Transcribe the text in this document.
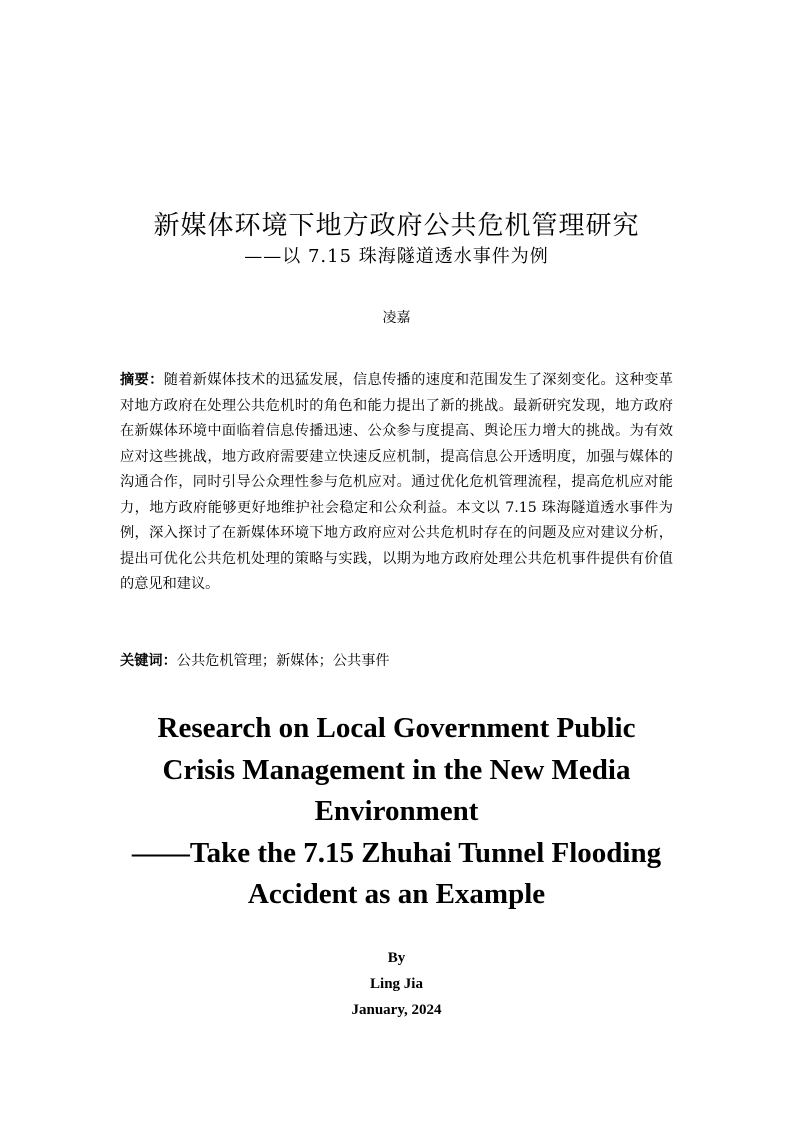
新媒体环境下地方政府公共危机管理研究
——以 7.15 珠海隧道透水事件为例
凌嘉

摘要：随着新媒体技术的迅猛发展，信息传播的速度和范围发生了深刻变化。这种变革对地方政府在处理公共危机时的角色和能力提出了新的挑战。最新研究发现，地方政府在新媒体环境中面临着信息传播迅速、公众参与度提高、舆论压力增大的挑战。为有效应对这些挑战，地方政府需要建立快速反应机制，提高信息公开透明度，加强与媒体的沟通合作，同时引导公众理性参与危机应对。通过优化危机管理流程，提高危机应对能力，地方政府能够更好地维护社会稳定和公众利益。本文以 7.15 珠海隧道透水事件为例，深入探讨了在新媒体环境下地方政府应对公共危机时存在的问题及应对建议分析，提出可优化公共危机处理的策略与实践，以期为地方政府处理公共危机事件提供有价值的意见和建议。

关键词：公共危机管理；新媒体；公共事件

Research on Local Government Public
Crisis Management in the New Media
Environment
——Take the 7.15 Zhuhai Tunnel Flooding
Accident as an Example
By
Ling Jia
January, 2024
